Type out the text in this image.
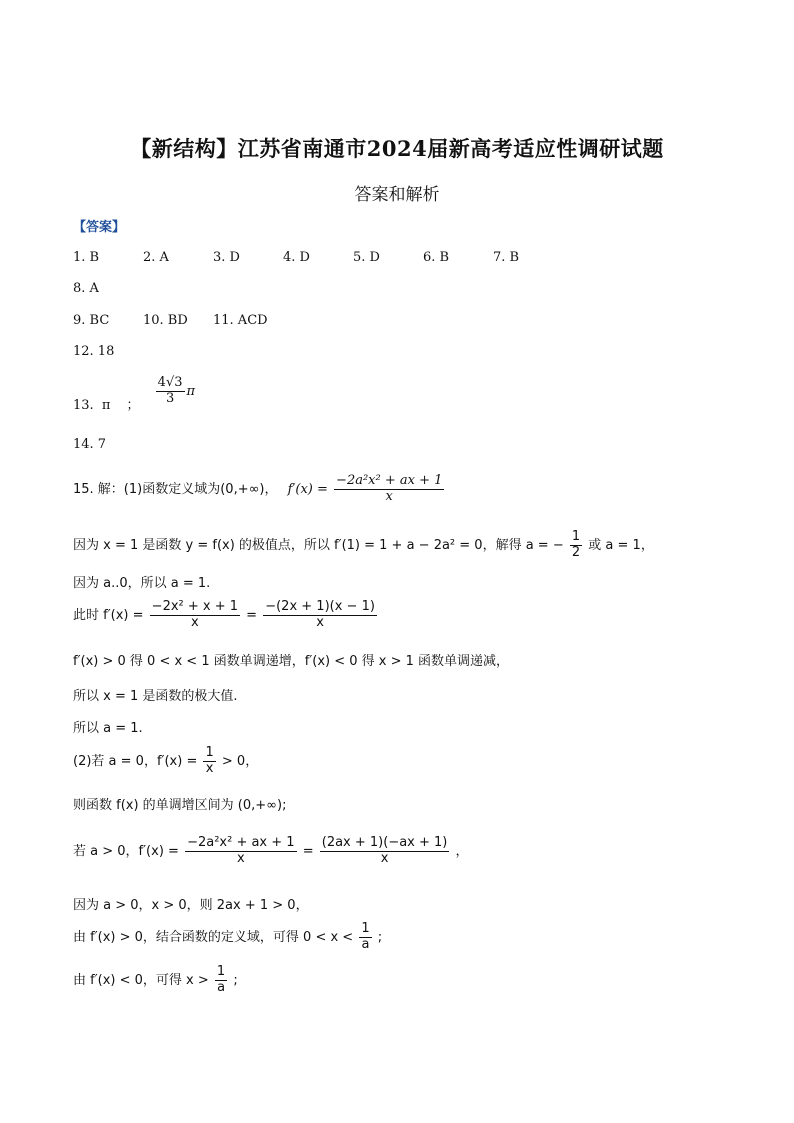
【新结构】江苏省南通市2024届新高考适应性调研试题
答案和解析
【答案】
1. B	2. A	3. D	4. D	5. D	6. B	7. B
8. A
9. BC	10. BD 11. ACD
12. 18
13. π ； $\frac{4√3}{3}$ π
14. 7
15. 解：(1)函数定义域为(0,+∞)， $f'(x) = \frac{\text{−2a²x² + ax + 1}}{x}$
因为 x = 1 是函数 y = f(x) 的极值点，所以 f′(1) = 1 + a − 2a² = 0，解得 a = − $\frac{1}{2}$ 或 a = 1，
因为 a..0，所以 a = 1.
此时 $f'(x) = \frac{\text{−2x² + x + 1}}{x} = \frac{-(2x + 1)(x - 1)}{x}$
f′(x) > 0 得 0 < x < 1 函数单调递增，f′(x) < 0 得 x > 1 函数单调递减，
所以 x = 1 是函数的极大值.
所以 a = 1.
(2)若 a = 0，$f'(x) = \frac{1}{x} > 0$，
则函数 f(x) 的单调增区间为 (0,+∞);
若 a > 0，$f'(x) = \frac{\text{−2a²x² + ax + 1}}{x} = \frac{(2ax + 1)(-ax + 1)}{x}$ ，
因为 a > 0，x > 0，则 2ax + 1 > 0，
由 f′(x) > 0，结合函数的定义域，可得 $0 < x < \frac{1}{a}$ ;
由 f′(x) < 0，可得 $x > \frac{1}{a}$ ;
